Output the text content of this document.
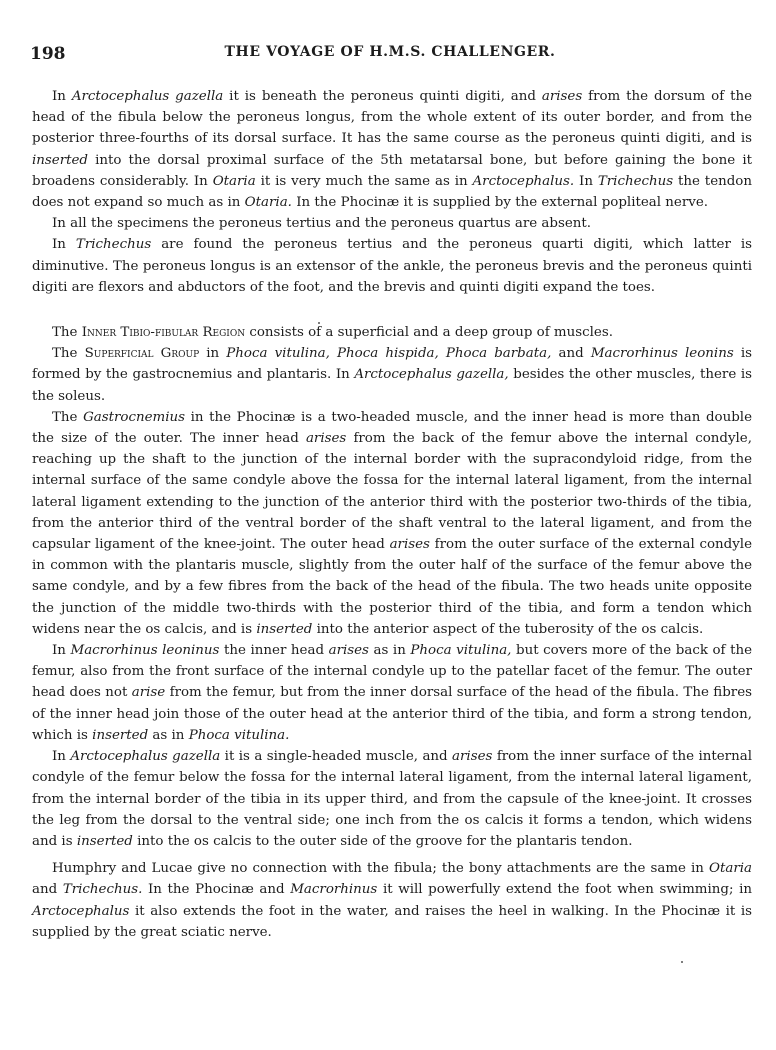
198	THE VOYAGE OF H.M.S. CHALLENGER.

In Arctocephalus gazella it is beneath the peroneus quinti digiti, and arises from the dorsum of the head of the fibula below the peroneus longus, from the whole extent of its outer border, and from the posterior three-fourths of its dorsal surface. It has the same course as the peroneus quinti digiti, and is inserted into the dorsal proximal surface of the 5th metatarsal bone, but before gaining the bone it broadens considerably. In Otaria it is very much the same as in Arctocephalus. In Trichechus the tendon does not expand so much as in Otaria. In the Phocinæ it is supplied by the external popliteal nerve.

In all the specimens the peroneus tertius and the peroneus quartus are absent.

In Trichechus are found the peroneus tertius and the peroneus quarti digiti, which latter is diminutive. The peroneus longus is an extensor of the ankle, the peroneus brevis and the peroneus quinti digiti are flexors and abductors of the foot, and the brevis and quinti digiti expand the toes.

The Inner Tibio-fibular Region consists of a superficial and a deep group of muscles.

The Superficial Group in Phoca vitulina, Phoca hispida, Phoca barbata, and Macrorhinus leonins is formed by the gastrocnemius and plantaris. In Arctocephalus gazella, besides the other muscles, there is the soleus.

The Gastrocnemius in the Phocinæ is a two-headed muscle, and the inner head is more than double the size of the outer. The inner head arises from the back of the femur above the internal condyle, reaching up the shaft to the junction of the internal border with the supracondyloid ridge, from the internal surface of the same condyle above the fossa for the internal lateral ligament, from the internal lateral ligament extending to the junction of the anterior third with the posterior two-thirds of the tibia, from the anterior third of the ventral border of the shaft ventral to the lateral ligament, and from the capsular ligament of the knee-joint. The outer head arises from the outer surface of the external condyle in common with the plantaris muscle, slightly from the outer half of the surface of the femur above the same condyle, and by a few fibres from the back of the head of the fibula. The two heads unite opposite the junction of the middle two-thirds with the posterior third of the tibia, and form a tendon which widens near the os calcis, and is inserted into the anterior aspect of the tuberosity of the os calcis.

In Macrorhinus leoninus the inner head arises as in Phoca vitulina, but covers more of the back of the femur, also from the front surface of the internal condyle up to the patellar facet of the femur. The outer head does not arise from the femur, but from the inner dorsal surface of the head of the fibula. The fibres of the inner head join those of the outer head at the anterior third of the tibia, and form a strong tendon, which is inserted as in Phoca vitulina.

In Arctocephalus gazella it is a single-headed muscle, and arises from the inner surface of the internal condyle of the femur below the fossa for the internal lateral ligament, from the internal lateral ligament, from the internal border of the tibia in its upper third, and from the capsule of the knee-joint. It crosses the leg from the dorsal to the ventral side; one inch from the os calcis it forms a tendon, which widens and is inserted into the os calcis to the outer side of the groove for the plantaris tendon.

Humphry and Lucae give no connection with the fibula; the bony attachments are the same in Otaria and Trichechus. In the Phocinæ and Macrorhinus it will powerfully extend the foot when swimming; in Arctocephalus it also extends the foot in the water, and raises the heel in walking. In the Phocinæ it is supplied by the great sciatic nerve.
